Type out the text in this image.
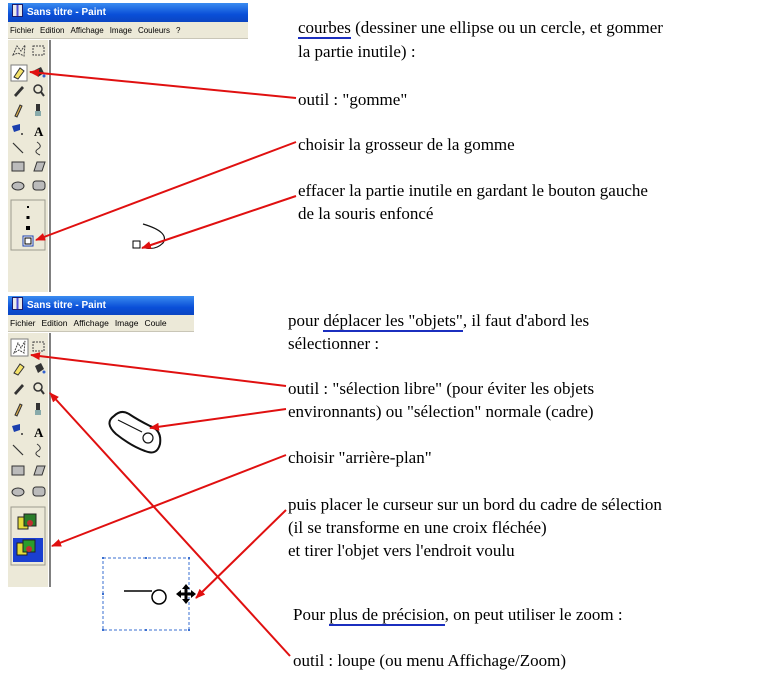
Sans titre - Paint
Fichier Edition Affichage Image Couleurs ?
A
Sans titre - Paint
Fichier Edition Affichage Image Coule
A
courbes (dessiner une ellipse ou un cercle, et gommer
la partie inutile) :
outil : "gomme"
choisir la grosseur de la gomme
effacer la partie inutile en gardant le bouton gauche
de la souris enfoncé
pour déplacer les "objets", il faut d'abord les
sélectionner :
outil : "sélection libre" (pour éviter les objets
environnants) ou "sélection" normale (cadre)
choisir "arrière-plan"
puis placer le curseur sur un bord du cadre de sélection
(il se transforme en une croix fléchée)
et tirer l'objet vers l'endroit voulu
Pour plus de précision, on peut utiliser le zoom :
outil : loupe (ou menu Affichage/Zoom)
